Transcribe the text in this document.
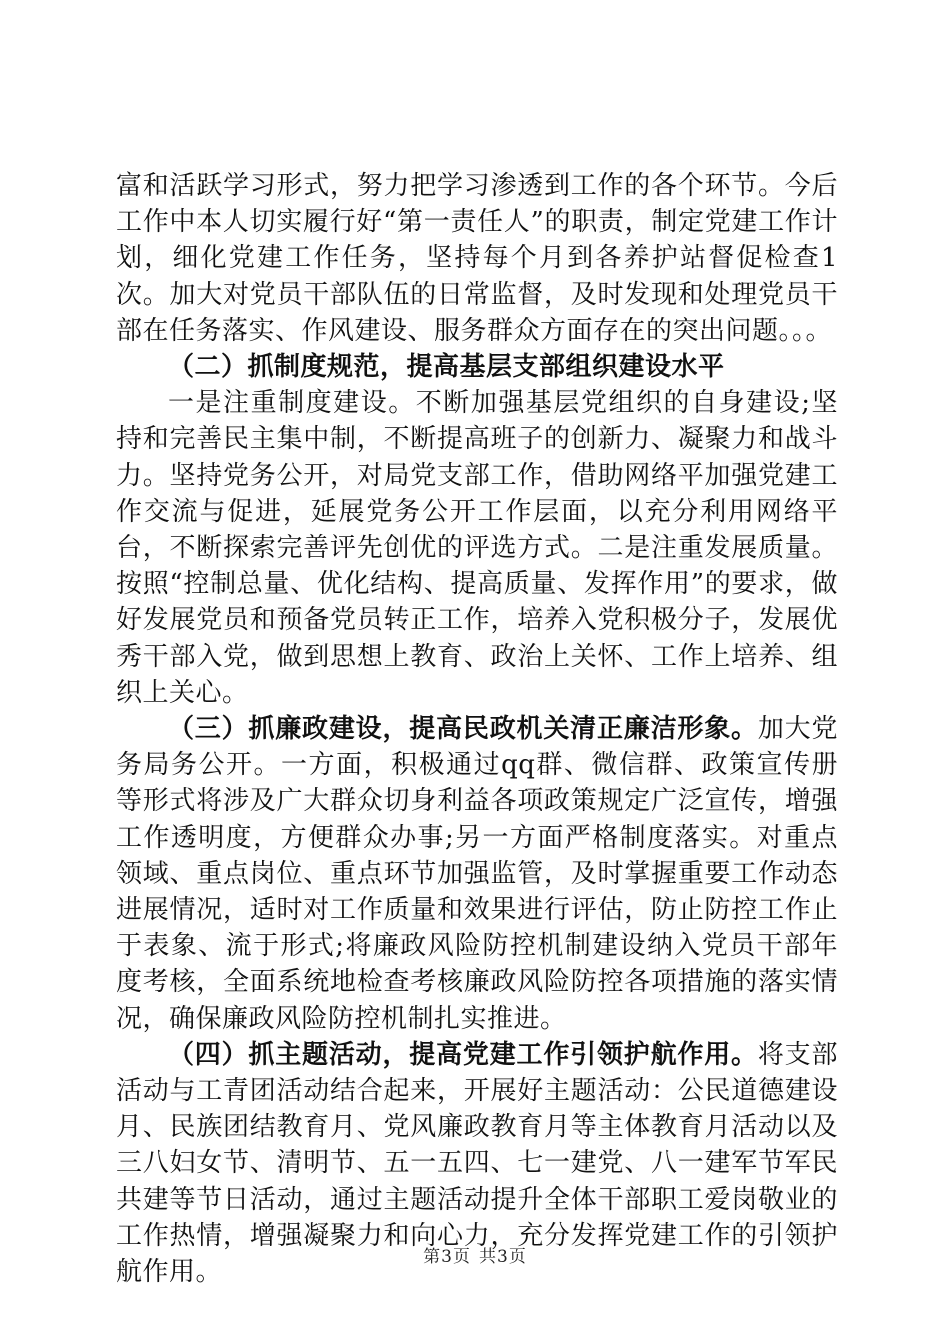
富和活跃学习形式，努力把学习渗透到工作的各个环节。今后工作中本人切实履行好“第一责任人”的职责，制定党建工作计划，细化党建工作任务，坚持每个月到各养护站督促检查1次。加大对党员干部队伍的日常监督，及时发现和处理党员干部在任务落实、作风建设、服务群众方面存在的突出问题。。。

（二）抓制度规范，提高基层支部组织建设水平

一是注重制度建设。不断加强基层党组织的自身建设;坚持和完善民主集中制，不断提高班子的创新力、凝聚力和战斗力。坚持党务公开，对局党支部工作，借助网络平加强党建工作交流与促进，延展党务公开工作层面，以充分利用网络平台，不断探索完善评先创优的评选方式。二是注重发展质量。按照“控制总量、优化结构、提高质量、发挥作用”的要求，做好发展党员和预备党员转正工作，培养入党积极分子，发展优秀干部入党，做到思想上教育、政治上关怀、工作上培养、组织上关心。

（三）抓廉政建设，提高民政机关清正廉洁形象。加大党务局务公开。一方面，积极通过qq群、微信群、政策宣传册等形式将涉及广大群众切身利益各项政策规定广泛宣传，增强工作透明度，方便群众办事;另一方面严格制度落实。对重点领域、重点岗位、重点环节加强监管，及时掌握重要工作动态进展情况，适时对工作质量和效果进行评估，防止防控工作止于表象、流于形式;将廉政风险防控机制建设纳入党员干部年度考核，全面系统地检查考核廉政风险防控各项措施的落实情况，确保廉政风险防控机制扎实推进。

（四）抓主题活动，提高党建工作引领护航作用。将支部活动与工青团活动结合起来，开展好主题活动：公民道德建设月、民族团结教育月、党风廉政教育月等主体教育月活动以及三八妇女节、清明节、五一五四、七一建党、八一建军节军民共建等节日活动，通过主题活动提升全体干部职工爱岗敬业的工作热情，增强凝聚力和向心力，充分发挥党建工作的引领护航作用。

第3页 共3页
